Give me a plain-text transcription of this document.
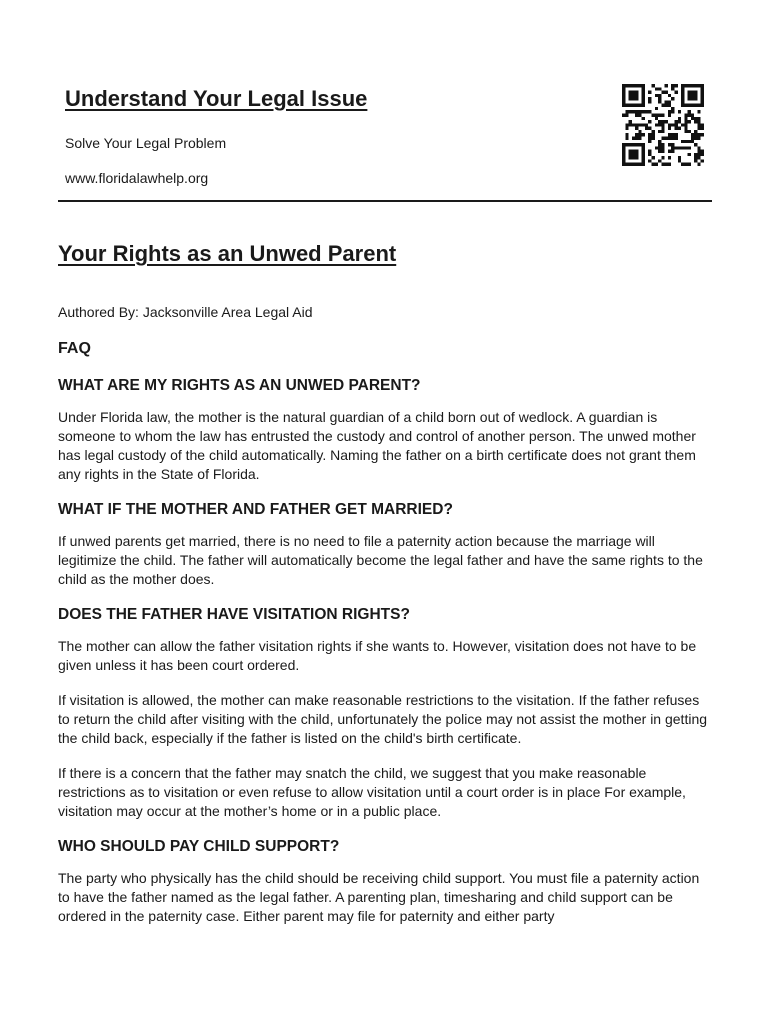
Understand Your Legal Issue

Solve Your Legal Problem

www.floridalawhelp.org

Your Rights as an Unwed Parent

Authored By: Jacksonville Area Legal Aid

FAQ
WHAT ARE MY RIGHTS AS AN UNWED PARENT?

Under Florida law, the mother is the natural guardian of a child born out of wedlock. A guardian is someone to whom the law has entrusted the custody and control of another person. The unwed mother has legal custody of the child automatically. Naming the father on a birth certificate does not grant them any rights in the State of Florida.

WHAT IF THE MOTHER AND FATHER GET MARRIED?

If unwed parents get married, there is no need to file a paternity action because the marriage will legitimize the child. The father will automatically become the legal father and have the same rights to the child as the mother does.

DOES THE FATHER HAVE VISITATION RIGHTS?

The mother can allow the father visitation rights if she wants to. However, visitation does not have to be given unless it has been court ordered.

If visitation is allowed, the mother can make reasonable restrictions to the visitation. If the father refuses to return the child after visiting with the child, unfortunately the police may not assist the mother in getting the child back, especially if the father is listed on the child's birth certificate.

If there is a concern that the father may snatch the child, we suggest that you make reasonable restrictions as to visitation or even refuse to allow visitation until a court order is in place For example, visitation may occur at the mother’s home or in a public place.

WHO SHOULD PAY CHILD SUPPORT?

The party who physically has the child should be receiving child support. You must file a paternity action to have the father named as the legal father. A parenting plan, timesharing and child support can be ordered in the paternity case. Either parent may file for paternity and either party
